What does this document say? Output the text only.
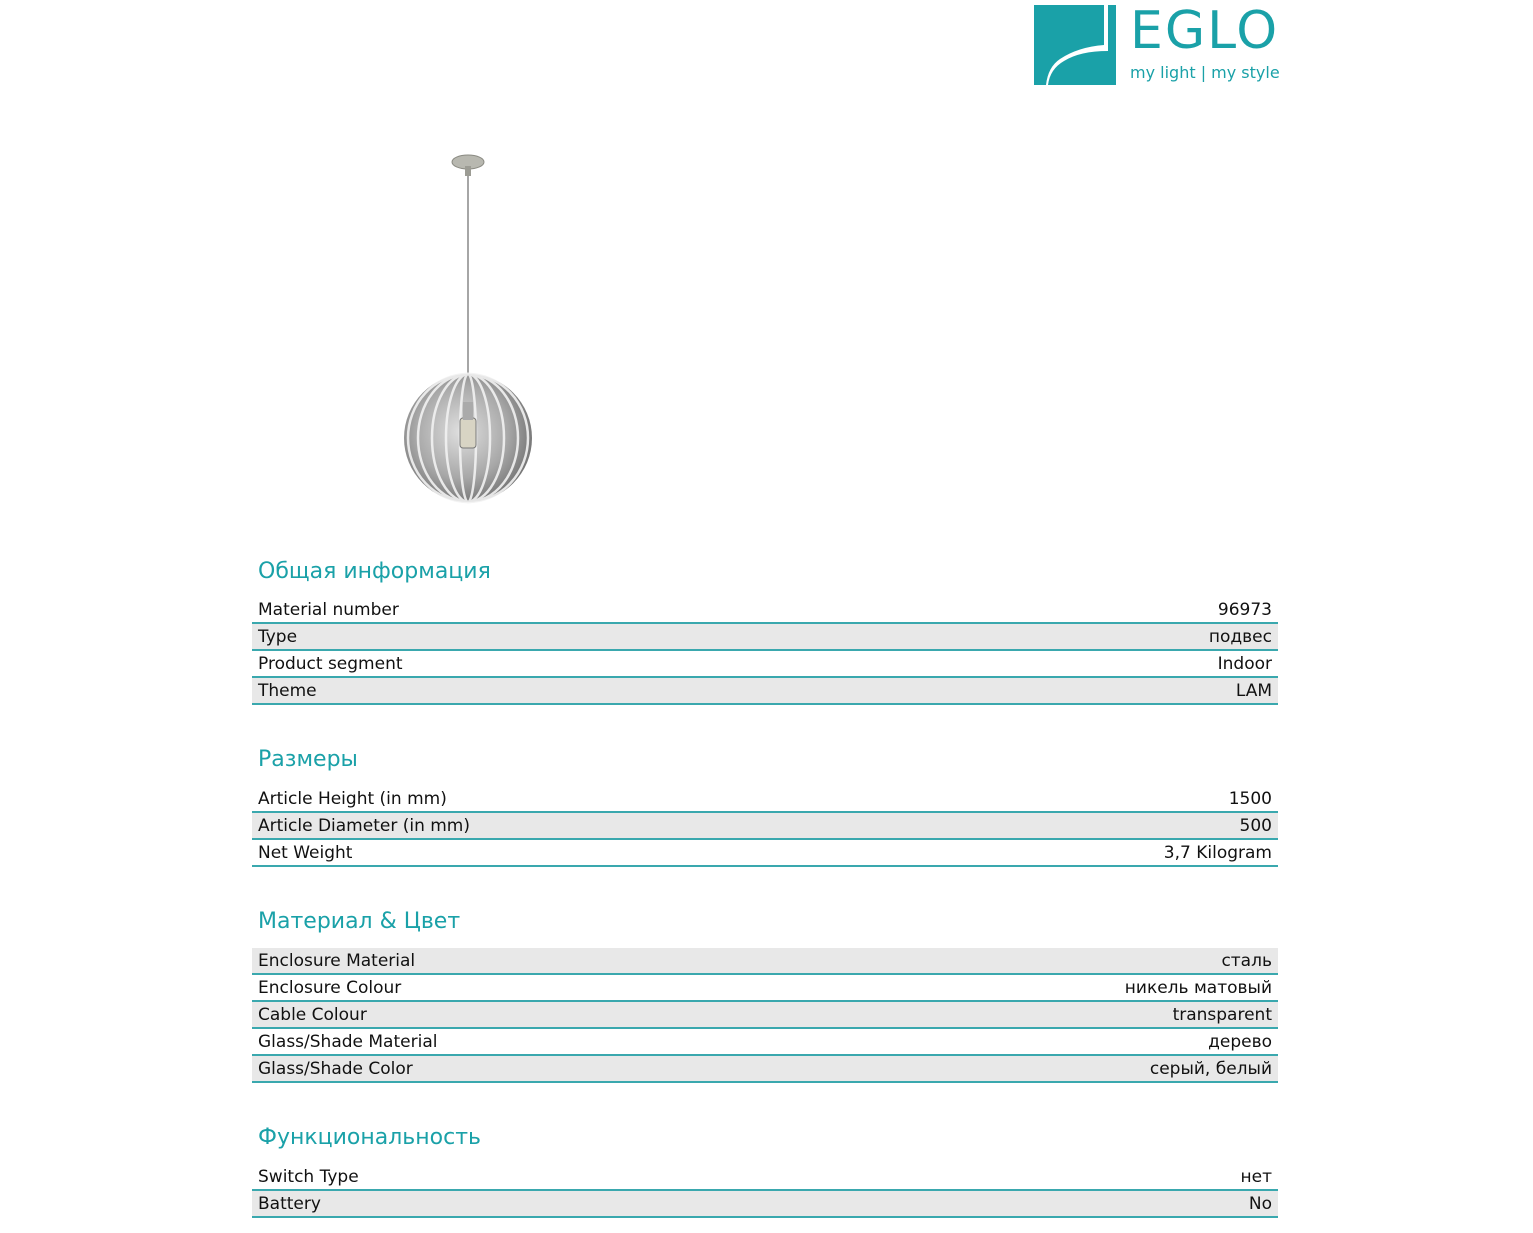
EGLO
my light | my style
Общая информация
Material number	96973
Type	подвес
Product segment	Indoor
Theme	LAM
Размеры
Article Height (in mm)	1500
Article Diameter (in mm)	500
Net Weight	3,7 Kilogram
Материал & Цвет
Enclosure Material	сталь
Enclosure Colour	никель матовый
Cable Colour	transparent
Glass/Shade Material	дерево
Glass/Shade Color	серый, белый
Функциональность
Switch Type	нет
Battery	No
